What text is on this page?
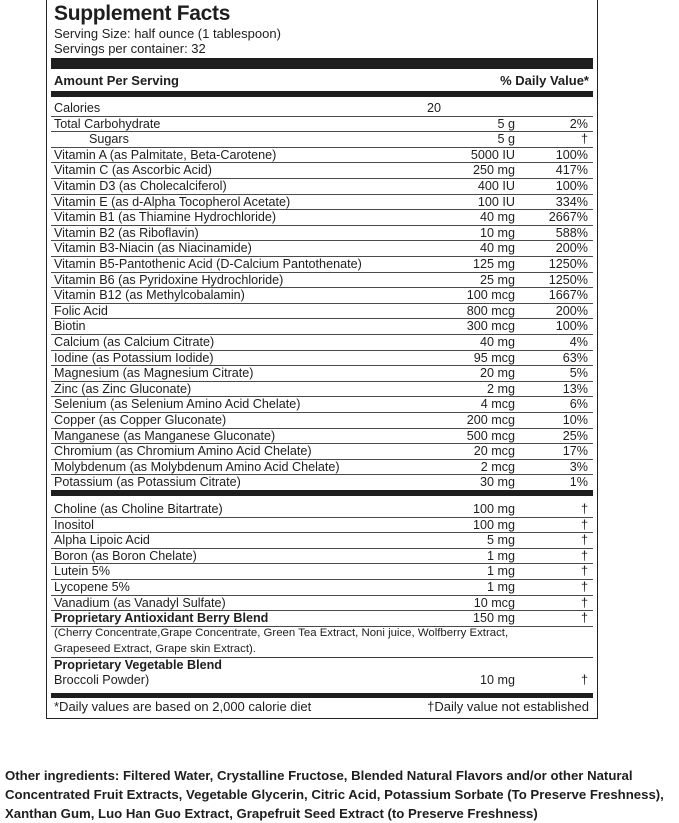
Supplement Facts
Serving Size: half ounce (1 tablespoon)
Servings per container: 32
Amount Per Serving	% Daily Value*
Calories	20
Total Carbohydrate	5 g	2%
Sugars	5 g	†
Vitamin A (as Palmitate, Beta-Carotene)	5000 IU	100%
Vitamin C (as Ascorbic Acid)	250 mg	417%
Vitamin D3 (as Cholecalciferol)	400 IU	100%
Vitamin E (as d-Alpha Tocopherol Acetate)	100 IU	334%
Vitamin B1 (as Thiamine Hydrochloride)	40 mg	2667%
Vitamin B2 (as Riboflavin)	10 mg	588%
Vitamin B3-Niacin (as Niacinamide)	40 mg	200%
Vitamin B5-Pantothenic Acid (D-Calcium Pantothenate)	125 mg	1250%
Vitamin B6 (as Pyridoxine Hydrochloride)	25 mg	1250%
Vitamin B12 (as Methylcobalamin)	100 mcg	1667%
Folic Acid	800 mcg	200%
Biotin	300 mcg	100%
Calcium (as Calcium Citrate)	40 mg	4%
Iodine (as Potassium Iodide)	95 mcg	63%
Magnesium (as Magnesium Citrate)	20 mg	5%
Zinc (as Zinc Gluconate)	2 mg	13%
Selenium (as Selenium Amino Acid Chelate)	4 mcg	6%
Copper (as Copper Gluconate)	200 mcg	10%
Manganese (as Manganese Gluconate)	500 mcg	25%
Chromium (as Chromium Amino Acid Chelate)	20 mcg	17%
Molybdenum (as Molybdenum Amino Acid Chelate)	2 mcg	3%
Potassium (as Potassium Citrate)	30 mg	1%
Choline (as Choline Bitartrate)	100 mg	†
Inositol	100 mg	†
Alpha Lipoic Acid	5 mg	†
Boron (as Boron Chelate)	1 mg	†
Lutein 5%	1 mg	†
Lycopene 5%	1 mg	†
Vanadium (as Vanadyl Sulfate)	10 mcg	†
Proprietary Antioxidant Berry Blend	150 mg	†
(Cherry Concentrate,Grape Concentrate, Green Tea Extract, Noni juice, Wolfberry Extract,
Grapeseed Extract, Grape skin Extract).
Proprietary Vegetable Blend
Broccoli Powder)	10 mg	†
*Daily values are based on 2,000 calorie diet	†Daily value not established
Other ingredients: Filtered Water, Crystalline Fructose, Blended Natural Flavors and/or other Natural Concentrated Fruit Extracts, Vegetable Glycerin, Citric Acid, Potassium Sorbate (To Preserve Freshness), Xanthan Gum, Luo Han Guo Extract, Grapefruit Seed Extract (to Preserve Freshness)
